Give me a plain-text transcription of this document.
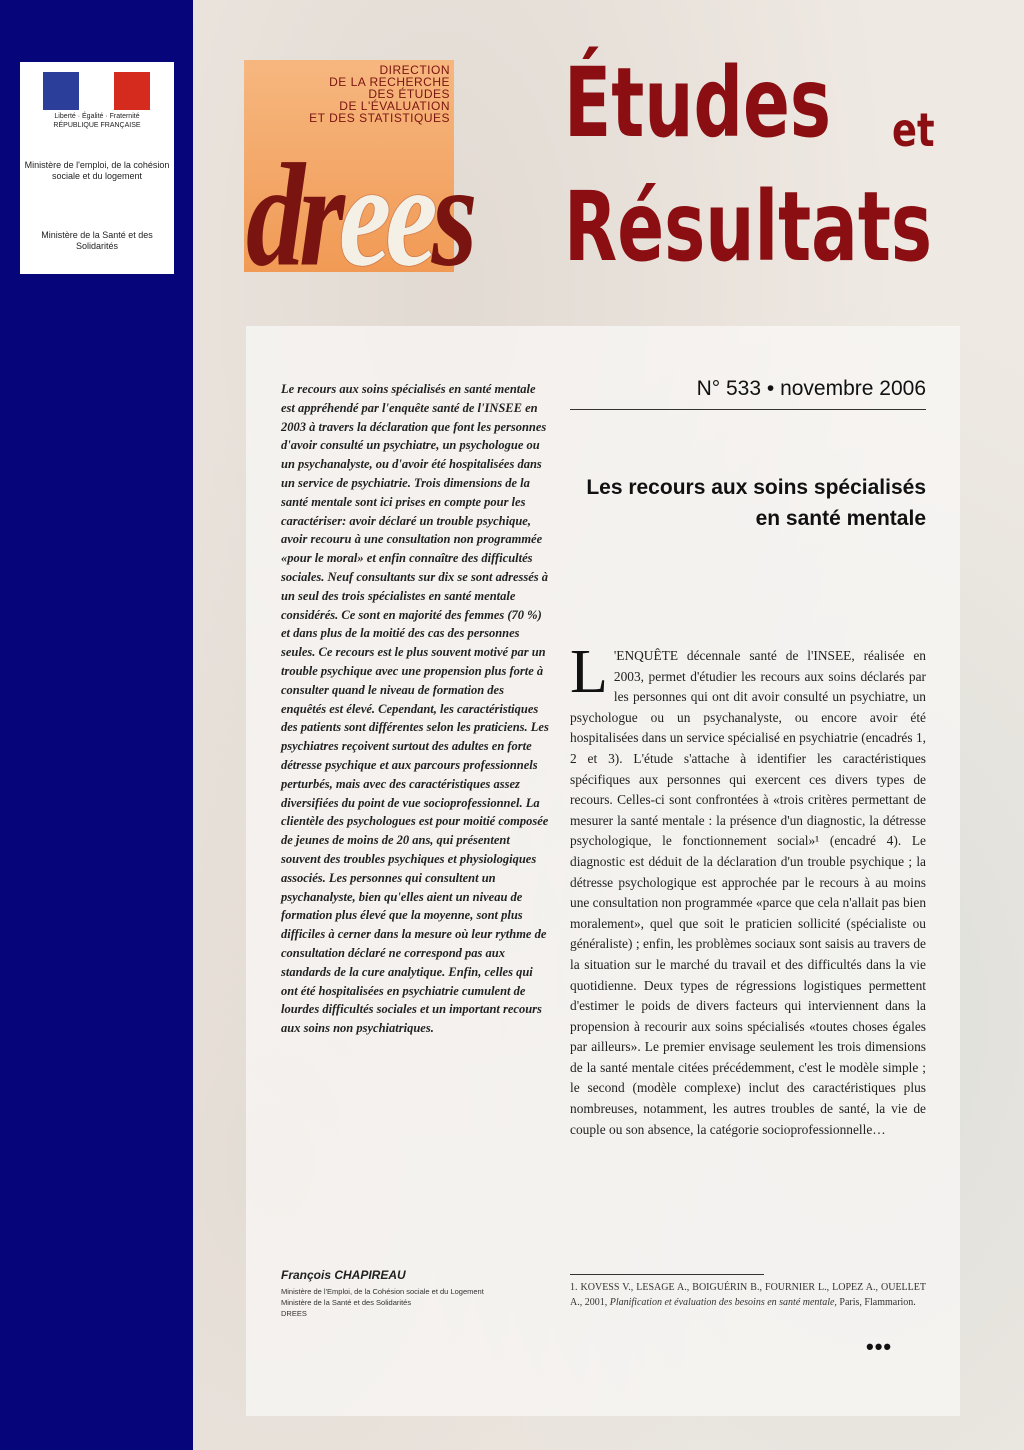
Liberté · Égalité · Fraternité
RÉPUBLIQUE FRANÇAISE
Ministère de l'emploi, de la cohésion sociale et du logement
Ministère de la Santé et des Solidarités
DIRECTION
DE LA RECHERCHE
DES ÉTUDES
DE L'ÉVALUATION
ET DES STATISTIQUES
drees
Études et
Résultats

Le recours aux soins spécialisés en santé mentale est appréhendé par l'enquête santé de l'INSEE en 2003 à travers la déclaration que font les personnes d'avoir consulté un psychiatre, un psychologue ou un psychanalyste, ou d'avoir été hospitalisées dans un service de psychiatrie. Trois dimensions de la santé mentale sont ici prises en compte pour les caractériser: avoir déclaré un trouble psychique, avoir recouru à une consultation non programmée «pour le moral» et enfin connaître des difficultés sociales. Neuf consultants sur dix se sont adressés à un seul des trois spécialistes en santé mentale considérés. Ce sont en majorité des femmes (70 %) et dans plus de la moitié des cas des personnes seules. Ce recours est le plus souvent motivé par un trouble psychique avec une propension plus forte à consulter quand le niveau de formation des enquêtés est élevé. Cependant, les caractéristiques des patients sont différentes selon les praticiens. Les psychiatres reçoivent surtout des adultes en forte détresse psychique et aux parcours professionnels perturbés, mais avec des caractéristiques assez diversifiées du point de vue socioprofessionnel. La clientèle des psychologues est pour moitié composée de jeunes de moins de 20 ans, qui présentent souvent des troubles psychiques et physiologiques associés. Les personnes qui consultent un psychanalyste, bien qu'elles aient un niveau de formation plus élevé que la moyenne, sont plus difficiles à cerner dans la mesure où leur rythme de consultation déclaré ne correspond pas aux standards de la cure analytique. Enfin, celles qui ont été hospitalisées en psychiatrie cumulent de lourdes difficultés sociales et un important recours aux soins non psychiatriques.

François CHAPIREAU
Ministère de l'Emploi, de la Cohésion sociale et du Logement
Ministère de la Santé et des Solidarités
DREES
N° 533 • novembre 2006
Les recours aux soins spécialisés en santé mentale

L 'ENQUÊTE décennale santé de l'INSEE, réalisée en 2003, permet d'étudier les recours aux soins déclarés par les personnes qui ont dit avoir consulté un psychiatre, un psychologue ou un psychanalyste, ou encore avoir été hospitalisées dans un service spécialisé en psychiatrie (encadrés 1, 2 et 3). L'étude s'attache à identifier les caractéristiques spécifiques aux personnes qui exercent ces divers types de recours. Celles-ci sont confrontées à «trois critères permettant de mesurer la santé mentale : la présence d'un diagnostic, la détresse psychologique, le fonctionnement social»¹ (encadré 4). Le diagnostic est déduit de la déclaration d'un trouble psychique ; la détresse psychologique est approchée par le recours à au moins une consultation non programmée «parce que cela n'allait pas bien moralement», quel que soit le praticien sollicité (spécialiste ou généraliste) ; enfin, les problèmes sociaux sont saisis au travers de la situation sur le marché du travail et des difficultés dans la vie quotidienne. Deux types de régressions logistiques permettent d'estimer le poids de divers facteurs qui interviennent dans la propension à recourir aux soins spécialisés «toutes choses égales par ailleurs». Le premier envisage seulement les trois dimensions de la santé mentale citées précédemment, c'est le modèle simple ; le second (modèle complexe) inclut des caractéristiques plus nombreuses, notamment, les autres troubles de santé, la vie de couple ou son absence, la catégorie socioprofessionnelle…

1. KOVESS V., LESAGE A., BOIGUÉRIN B., FOURNIER L., LOPEZ A., OUELLET A., 2001, Planification et évaluation des besoins en santé mentale, Paris, Flammarion.
•••
